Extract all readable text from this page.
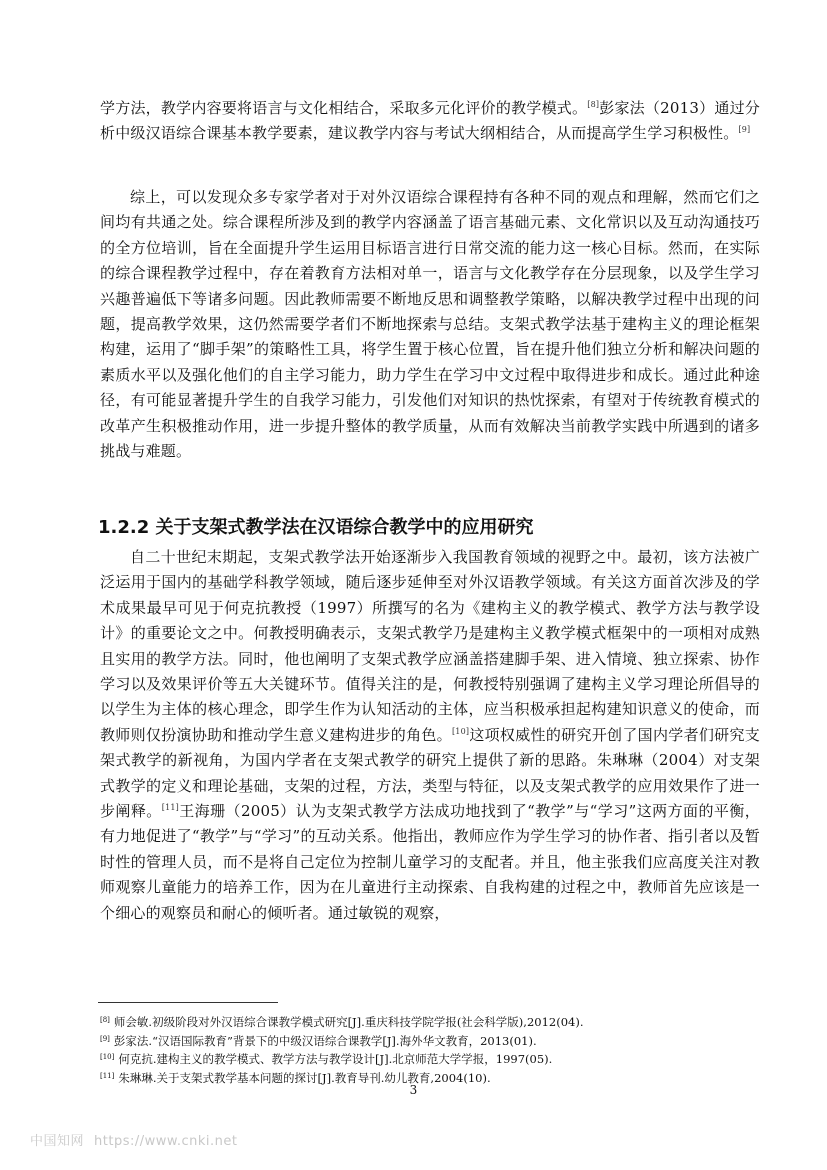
学方法，教学内容要将语言与文化相结合，采取多元化评价的教学模式。[8]彭家法（2013）通过分析中级汉语综合课基本教学要素，建议教学内容与考试大纲相结合，从而提高学生学习积极性。[9]

综上，可以发现众多专家学者对于对外汉语综合课程持有各种不同的观点和理解，然而它们之间均有共通之处。综合课程所涉及到的教学内容涵盖了语言基础元素、文化常识以及互动沟通技巧的全方位培训，旨在全面提升学生运用目标语言进行日常交流的能力这一核心目标。然而，在实际的综合课程教学过程中，存在着教育方法相对单一，语言与文化教学存在分层现象，以及学生学习兴趣普遍低下等诸多问题。因此教师需要不断地反思和调整教学策略，以解决教学过程中出现的问题，提高教学效果，这仍然需要学者们不断地探索与总结。支架式教学法基于建构主义的理论框架构建，运用了“脚手架”的策略性工具，将学生置于核心位置，旨在提升他们独立分析和解决问题的素质水平以及强化他们的自主学习能力，助力学生在学习中文过程中取得进步和成长。通过此种途径，有可能显著提升学生的自我学习能力，引发他们对知识的热忱探索，有望对于传统教育模式的改革产生积极推动作用，进一步提升整体的教学质量，从而有效解决当前教学实践中所遇到的诸多挑战与难题。

1.2.2 关于支架式教学法在汉语综合教学中的应用研究

自二十世纪末期起，支架式教学法开始逐渐步入我国教育领域的视野之中。最初，该方法被广泛运用于国内的基础学科教学领域，随后逐步延伸至对外汉语教学领域。有关这方面首次涉及的学术成果最早可见于何克抗教授（1997）所撰写的名为《建构主义的教学模式、教学方法与教学设计》的重要论文之中。何教授明确表示，支架式教学乃是建构主义教学模式框架中的一项相对成熟且实用的教学方法。同时，他也阐明了支架式教学应涵盖搭建脚手架、进入情境、独立探索、协作学习以及效果评价等五大关键环节。值得关注的是，何教授特别强调了建构主义学习理论所倡导的以学生为主体的核心理念，即学生作为认知活动的主体，应当积极承担起构建知识意义的使命，而教师则仅扮演协助和推动学生意义建构进步的角色。[10]这项权威性的研究开创了国内学者们研究支架式教学的新视角，为国内学者在支架式教学的研究上提供了新的思路。朱琳琳（2004）对支架式教学的定义和理论基础，支架的过程，方法，类型与特征，以及支架式教学的应用效果作了进一步阐释。[11]王海珊（2005）认为支架式教学方法成功地找到了“教学”与“学习”这两方面的平衡，有力地促进了“教学”与“学习”的互动关系。他指出，教师应作为学生学习的协作者、指引者以及暂时性的管理人员，而不是将自己定位为控制儿童学习的支配者。并且，他主张我们应高度关注对教师观察儿童能力的培养工作，因为在儿童进行主动探索、自我构建的过程之中，教师首先应该是一个细心的观察员和耐心的倾听者。通过敏锐的观察，

[8] 师会敏.初级阶段对外汉语综合课教学模式研究[J].重庆科技学院学报(社会科学版),2012(04).
[9] 彭家法.“汉语国际教育”背景下的中级汉语综合课教学[J].海外华文教育，2013(01).
[10] 何克抗.建构主义的教学模式、教学方法与教学设计[J].北京师范大学学报，1997(05).
[11] 朱琳琳.关于支架式教学基本问题的探讨[J].教育导刊.幼儿教育,2004(10).
3
中国知网 https://www.cnki.net
